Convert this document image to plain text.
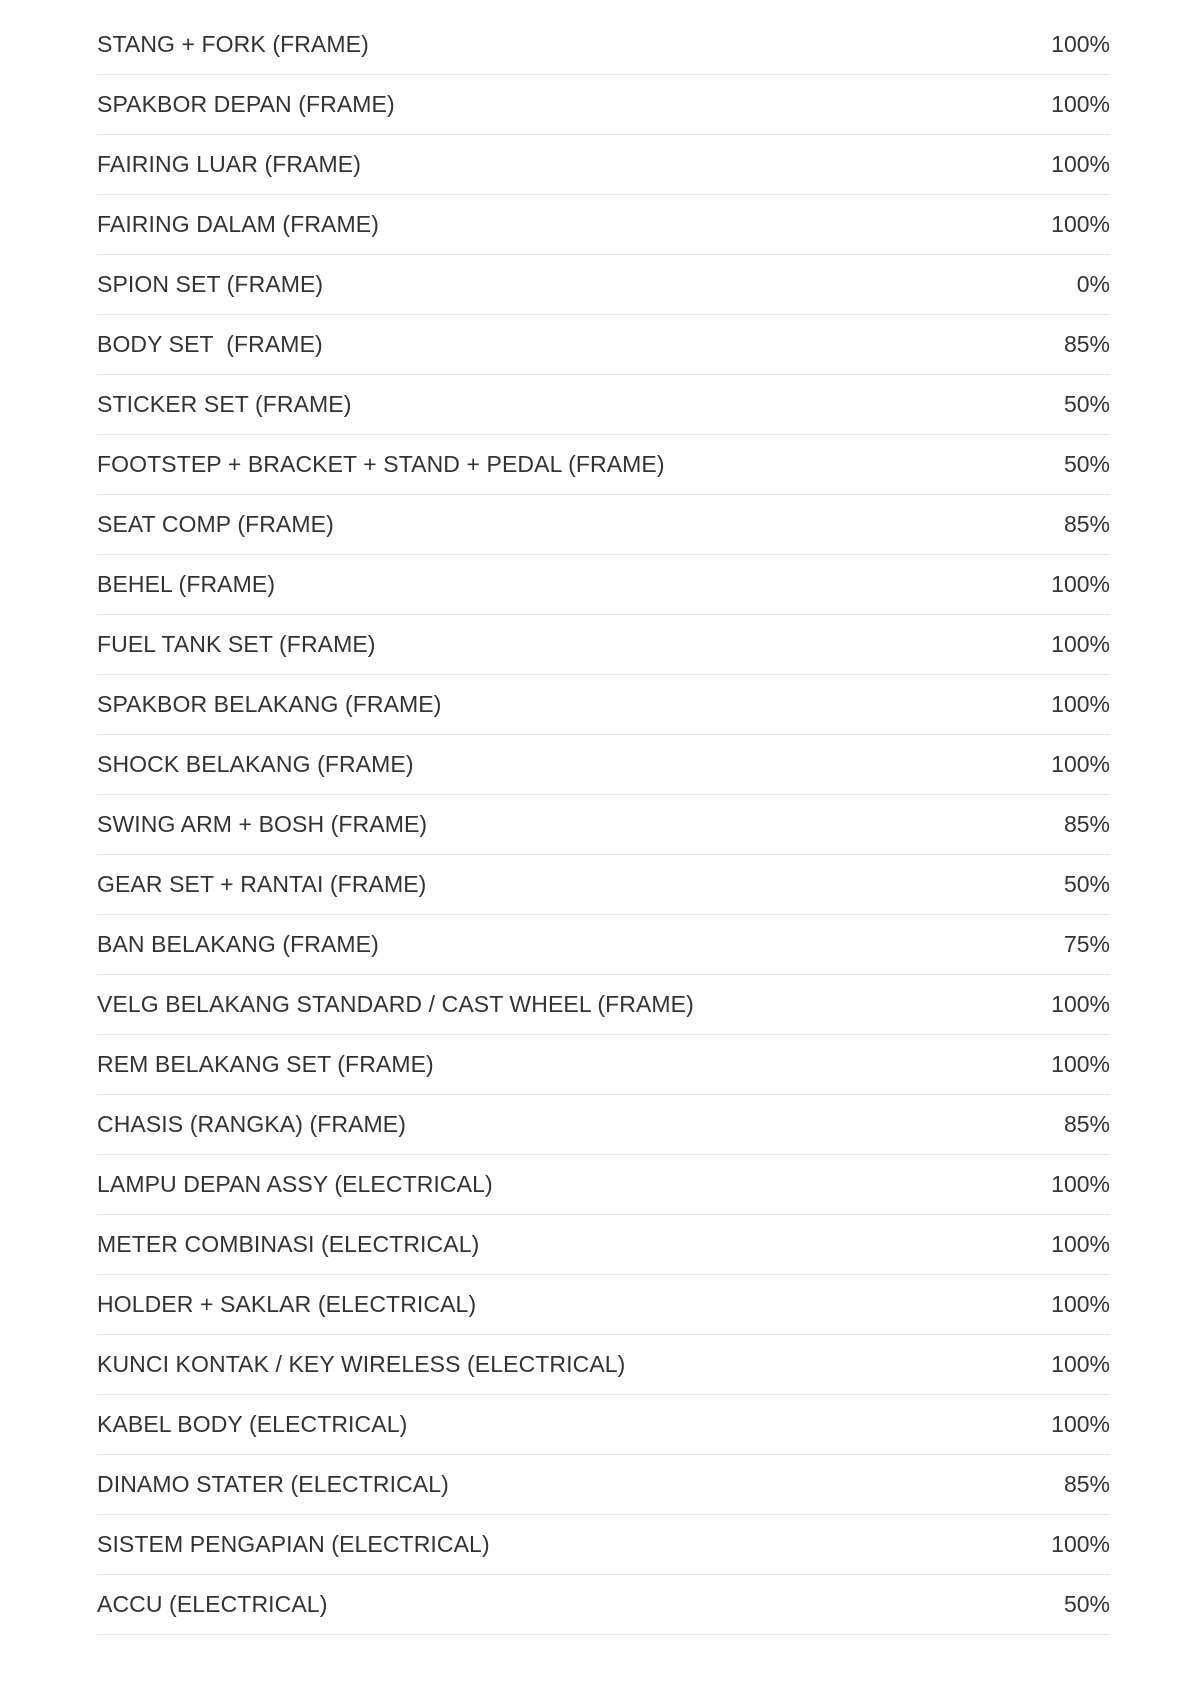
STANG + FORK (FRAME)	100%
SPAKBOR DEPAN (FRAME)	100%
FAIRING LUAR (FRAME)	100%
FAIRING DALAM (FRAME)	100%
SPION SET (FRAME)	0%
BODY SET  (FRAME)	85%
STICKER SET (FRAME)	50%
FOOTSTEP + BRACKET + STAND + PEDAL (FRAME)	50%
SEAT COMP (FRAME)	85%
BEHEL (FRAME)	100%
FUEL TANK SET (FRAME)	100%
SPAKBOR BELAKANG (FRAME)	100%
SHOCK BELAKANG (FRAME)	100%
SWING ARM + BOSH (FRAME)	85%
GEAR SET + RANTAI (FRAME)	50%
BAN BELAKANG (FRAME)	75%
VELG BELAKANG STANDARD / CAST WHEEL (FRAME)	100%
REM BELAKANG SET (FRAME)	100%
CHASIS (RANGKA) (FRAME)	85%
LAMPU DEPAN ASSY (ELECTRICAL)	100%
METER COMBINASI (ELECTRICAL)	100%
HOLDER + SAKLAR (ELECTRICAL)	100%
KUNCI KONTAK / KEY WIRELESS (ELECTRICAL)	100%
KABEL BODY (ELECTRICAL)	100%
DINAMO STATER (ELECTRICAL)	85%
SISTEM PENGAPIAN (ELECTRICAL)	100%
ACCU (ELECTRICAL)	50%
